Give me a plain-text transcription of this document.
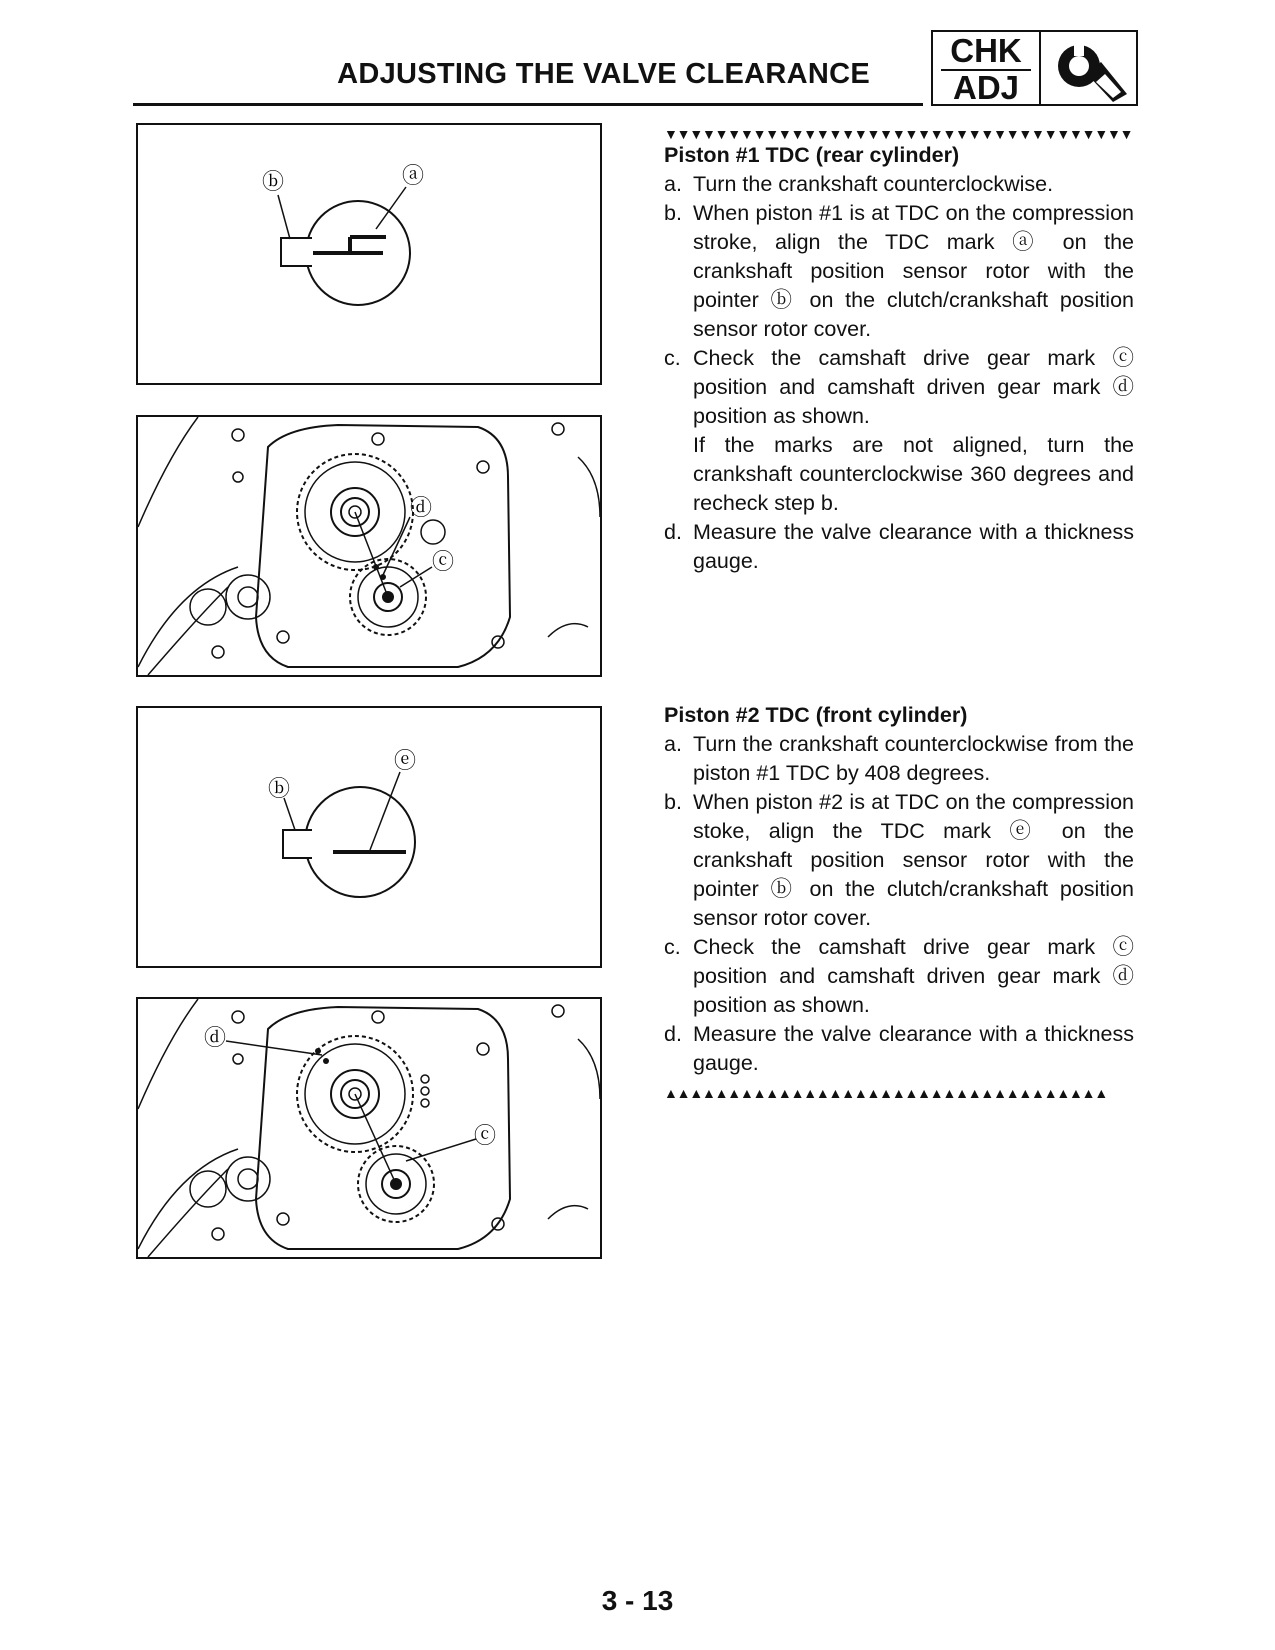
ADJUSTING THE VALVE CLEARANCE
CHK
ADJ
ⓑ	ⓐ
ⓓ
ⓒ
ⓑ
ⓔ
ⓓ
ⓒ
▼▼▼▼▼▼▼▼▼▼▼▼▼▼▼▼▼▼▼▼▼▼▼▼▼▼▼▼▼▼▼▼▼▼▼▼▼
Piston #1 TDC (rear cylinder)
a. Turn the crankshaft counterclockwise.
b. When piston #1 is at TDC on the compression stroke, align the TDC mark ⓐ on the crankshaft position sensor rotor with the pointer ⓑ on the clutch/crankshaft position sensor rotor cover.
c. Check the camshaft drive gear mark ⓒ position and camshaft driven gear mark ⓓ position as shown.
If the marks are not aligned, turn the crankshaft counterclockwise 360 degrees and recheck step b.
d. Measure the valve clearance with a thickness gauge.
Piston #2 TDC (front cylinder)
a. Turn the crankshaft counterclockwise from the piston #1 TDC by 408 degrees.
b. When piston #2 is at TDC on the compression stoke, align the TDC mark ⓔ on the crankshaft position sensor rotor with the pointer ⓑ on the clutch/crankshaft position sensor rotor cover.
c. Check the camshaft drive gear mark ⓒ position and camshaft driven gear mark ⓓ position as shown.
d. Measure the valve clearance with a thickness gauge.
▲▲▲▲▲▲▲▲▲▲▲▲▲▲▲▲▲▲▲▲▲▲▲▲▲▲▲▲▲▲▲▲▲▲▲
3 - 13
